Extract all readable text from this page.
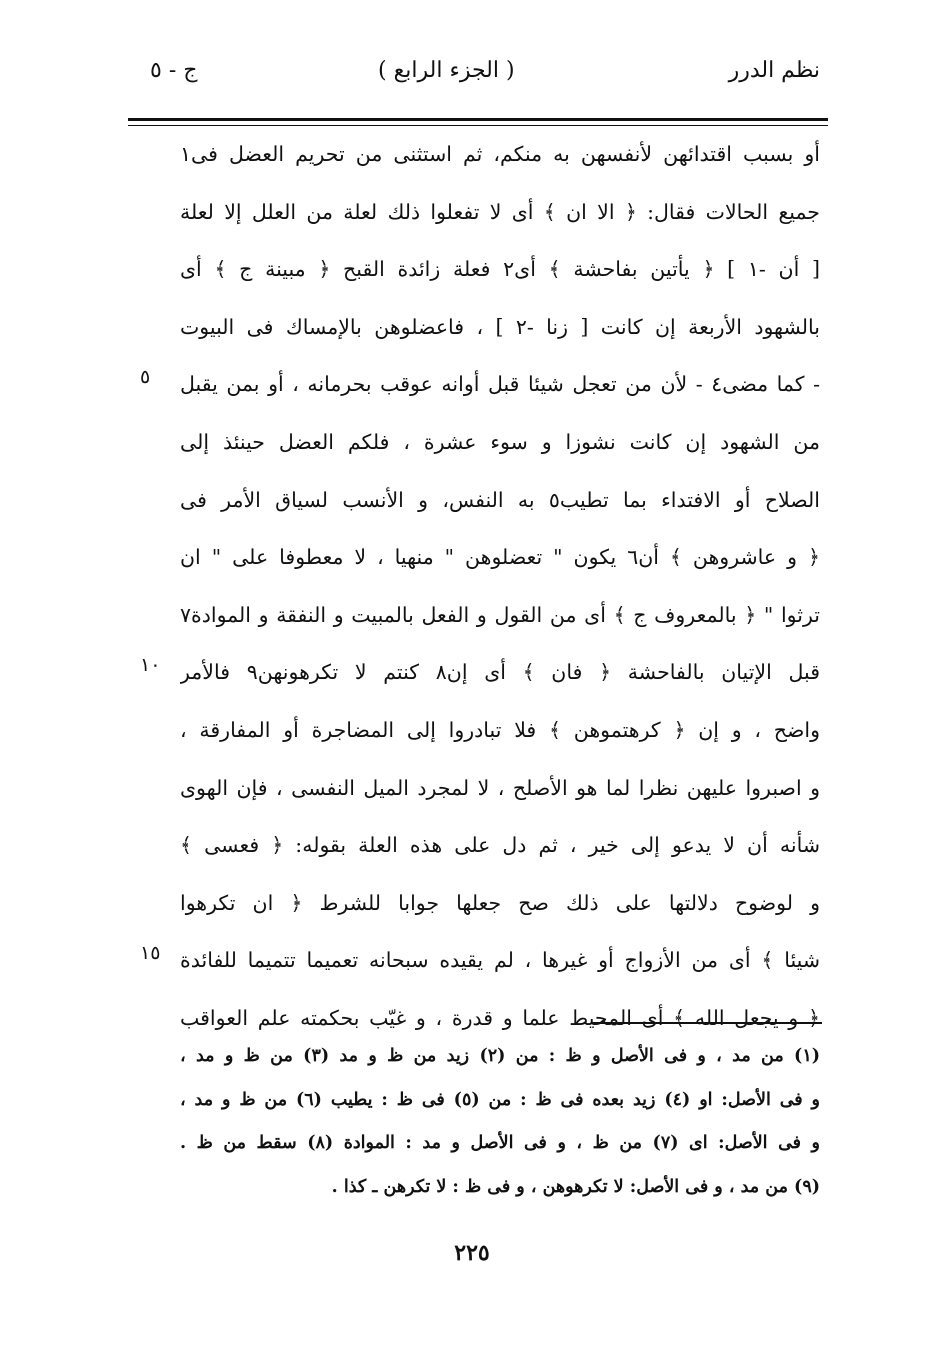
نظم الدرر
( الجزء الرابع )
ج - ٥
أو بسبب اقتدائهن لأنفسهن به منكم، ثم استثنى من تحريم العضل فى١
جميع الحالات فقال: ﴿ الا ان ﴾ أى لا تفعلوا ذلك لعلة من العلل إلا لعلة
[ أن -١ ] ﴿ يأتين بفاحشة ﴾ أى٢ فعلة زائدة القبح ﴿ مبينة ج ﴾ أى
بالشهود الأربعة إن كانت [ زنا -٢ ] ، فاعضلوهن بالإمساك فى البيوت
- كما مضى٤ - لأن من تعجل شيئا قبل أوانه عوقب بحرمانه ، أو بمن يقبل
من الشهود إن كانت نشوزا و سوء عشرة ، فلكم العضل حينئذ إلى
الصلاح أو الافتداء بما تطيب٥ به النفس، و الأنسب لسياق الأمر فى
﴿ و عاشروهن ﴾ أن٦ يكون " تعضلوهن " منهيا ، لا معطوفا على " ان
ترثوا " ﴿ بالمعروف ج ﴾ أى من القول و الفعل بالمبيت و النفقة و الموادة٧
قبل الإتيان بالفاحشة ﴿ فان ﴾ أى إن٨ كنتم لا تكرهونهن٩ فالأمر
واضح ، و إن ﴿ كرهتموهن ﴾ فلا تبادروا إلى المضاجرة أو المفارقة ،
و اصبروا عليهن نظرا لما هو الأصلح ، لا لمجرد الميل النفسى ، فإن الهوى
شأنه أن لا يدعو إلى خير ، ثم دل على هذه العلة بقوله: ﴿ فعسى ﴾
و لوضوح دلالتها على ذلك صح جعلها جوابا للشرط ﴿ ان تكرهوا
شيئا ﴾ أى من الأزواج أو غيرها ، لم يقيده سبحانه تعميما تتميما للفائدة
﴿ و يجعل الله ﴾ أى المحيط علما و قدرة ، و غيّب بحكمته علم العواقب
٥
١٠
١٥
(١) من مد ، و فى الأصل و ظ : من (٢) زيد من ظ و مد (٣) من ظ و مد ،
و فى الأصل: او (٤) زيد بعده فى ظ : من (٥) فى ظ : يطيب (٦) من ظ و مد ،
و فى الأصل: اى (٧) من ظ ، و فى الأصل و مد : الموادة (٨) سقط من ظ .
(٩) من مد ، و فى الأصل: لا تكرهوهن ، و فى ظ : لا تكرهن ـ كذا .
٢٢٥
